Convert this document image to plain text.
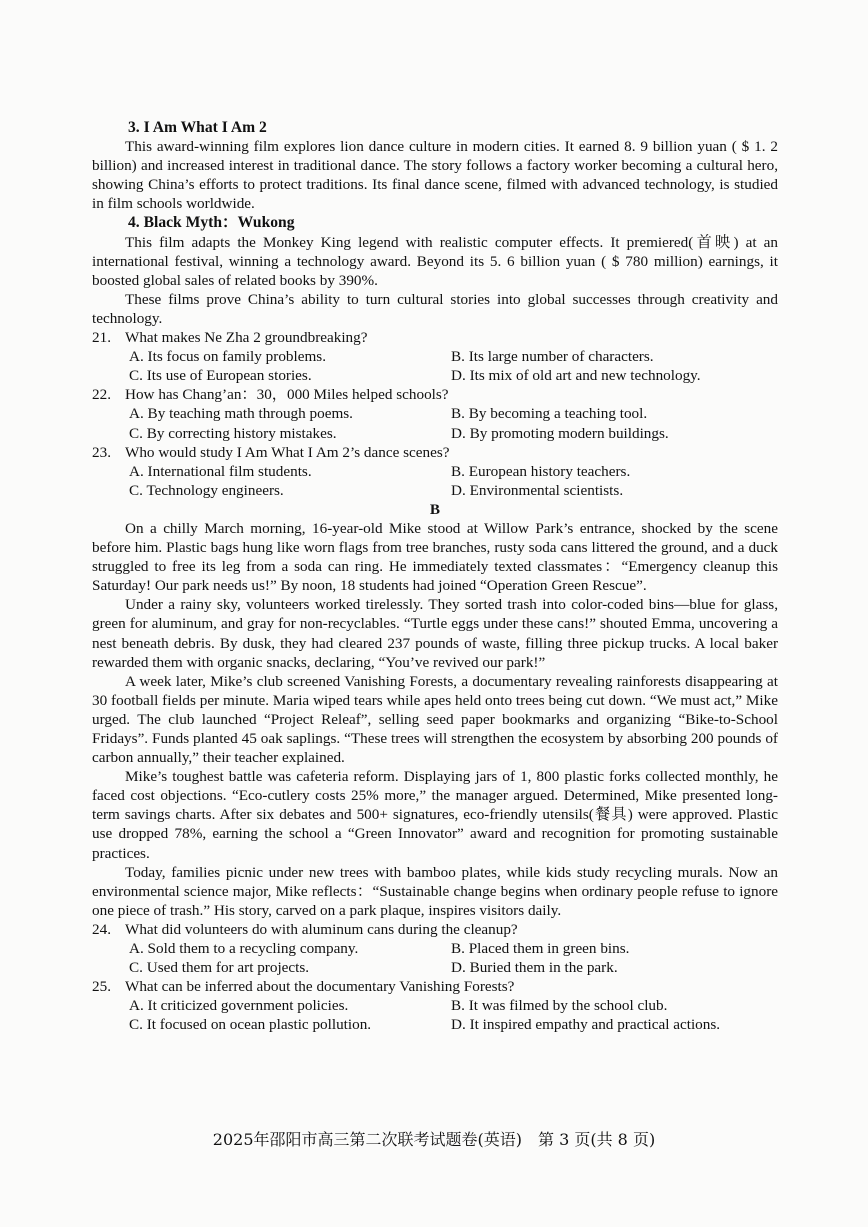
3. I Am What I Am 2

This award-winning film explores lion dance culture in modern cities. It earned 8. 9 billion yuan ( $ 1. 2 billion) and increased interest in traditional dance. The story follows a factory worker becoming a cultural hero, showing China’s efforts to protect traditions. Its final dance scene, filmed with advanced technology, is studied in film schools worldwide.

4. Black Myth：Wukong

This film adapts the Monkey King legend with realistic computer effects. It premiered(首映) at an international festival, winning a technology award. Beyond its 5. 6 billion yuan ( $ 780 million) earnings, it boosted global sales of related books by 390%.

These films prove China’s ability to turn cultural stories into global successes through creativity and technology.

21. What makes Ne Zha 2 groundbreaking?

A. Its focus on family problems.	B. Its large number of characters.
C. Its use of European stories.	D. Its mix of old art and new technology.

22. How has Chang’an：30，000 Miles helped schools?

A. By teaching math through poems.	B. By becoming a teaching tool.
C. By correcting history mistakes.	D. By promoting modern buildings.

23. Who would study I Am What I Am 2’s dance scenes?

A. International film students.	B. European history teachers.
C. Technology engineers.	D. Environmental scientists.

B

On a chilly March morning, 16-year-old Mike stood at Willow Park’s entrance, shocked by the scene before him. Plastic bags hung like worn flags from tree branches, rusty soda cans littered the ground, and a duck struggled to free its leg from a soda can ring. He immediately texted classmates：“Emergency cleanup this Saturday! Our park needs us!” By noon, 18 students had joined “Operation Green Rescue”.

Under a rainy sky, volunteers worked tirelessly. They sorted trash into color-coded bins—blue for glass, green for aluminum, and gray for non-recyclables. “Turtle eggs under these cans!” shouted Emma, uncovering a nest beneath debris. By dusk, they had cleared 237 pounds of waste, filling three pickup trucks. A local baker rewarded them with organic snacks, declaring, “You’ve revived our park!”

A week later, Mike’s club screened Vanishing Forests, a documentary revealing rainforests disappearing at 30 football fields per minute. Maria wiped tears while apes held onto trees being cut down. “We must act,” Mike urged. The club launched “Project Releaf”, selling seed paper bookmarks and organizing “Bike-to-School Fridays”. Funds planted 45 oak saplings. “These trees will strengthen the ecosystem by absorbing 200 pounds of carbon annually,” their teacher explained.

Mike’s toughest battle was cafeteria reform. Displaying jars of 1, 800 plastic forks collected monthly, he faced cost objections. “Eco-cutlery costs 25% more,” the manager argued. Determined, Mike presented long-term savings charts. After six debates and 500+ signatures, eco-friendly utensils(餐具) were approved. Plastic use dropped 78%, earning the school a “Green Innovator” award and recognition for promoting sustainable practices.

Today, families picnic under new trees with bamboo plates, while kids study recycling murals. Now an environmental science major, Mike reflects：“Sustainable change begins when ordinary people refuse to ignore one piece of trash.” His story, carved on a park plaque, inspires visitors daily.

24. What did volunteers do with aluminum cans during the cleanup?

A. Sold them to a recycling company.	B. Placed them in green bins.
C. Used them for art projects.	D. Buried them in the park.

25. What can be inferred about the documentary Vanishing Forests?

A. It criticized government policies.	B. It was filmed by the school club.
C. It focused on ocean plastic pollution.	D. It inspired empathy and practical actions.
2025年邵阳市高三第二次联考试题卷(英语)　第 3 页(共 8 页)
